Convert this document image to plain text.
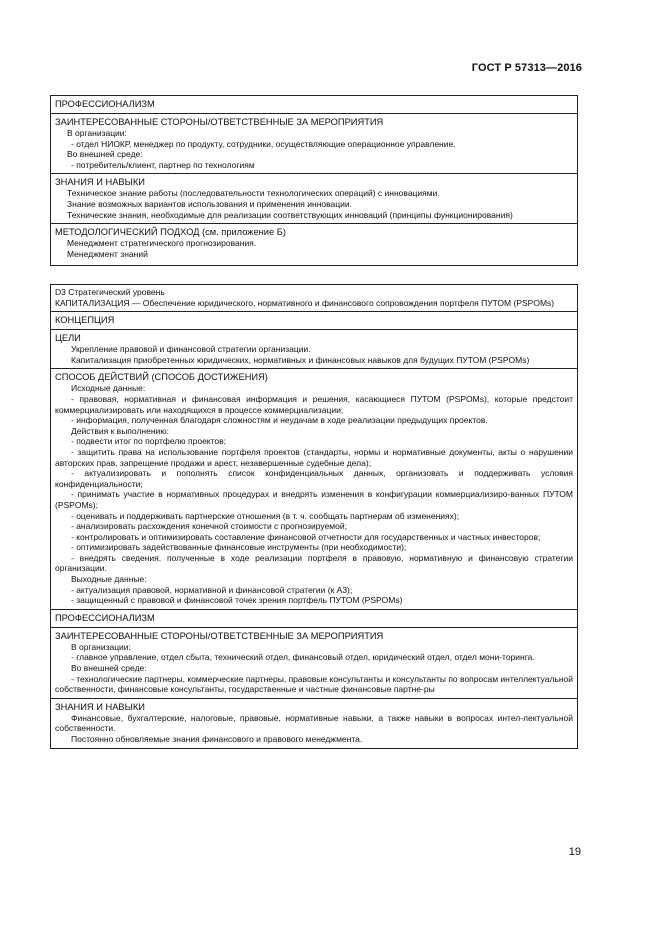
ГОСТ Р 57313—2016
ПРОФЕССИОНАЛИЗМ
ЗАИНТЕРЕСОВАННЫЕ СТОРОНЫ/ОТВЕТСТВЕННЫЕ ЗА МЕРОПРИЯТИЯ
В организации:
- отдел НИОКР, менеджер по продукту, сотрудники, осуществляющие операционное управление.
Во внешней среде:
- потребитель/клиент, партнер по технологиям
ЗНАНИЯ И НАВЫКИ
Техническое знание работы (последовательности технологических операций) с инновациями.
Знание возможных вариантов использования и применения инновации.
Технические знания, необходимые для реализации соответствующих инноваций (принципы функционирования)
МЕТОДОЛОГИЧЕСКИЙ ПОДХОД (см. приложение Б)
Менеджмент стратегического прогнозирования.
Менеджмент знаний
D3 Стратегический уровень
КАПИТАЛИЗАЦИЯ — Обеспечение юридического, нормативного и финансового сопровождения портфеля ПУТОМ (PSPOMs)
КОНЦЕПЦИЯ
ЦЕЛИ
Укрепление правовой и финансовой стратегии организации.
Капитализация приобретенных юридических, нормативных и финансовых навыков для будущих ПУТОМ (PSPOMs)
СПОСОБ ДЕЙСТВИЙ (СПОСОБ ДОСТИЖЕНИЯ)
Исходные данные:
- правовая, нормативная и финансовая информация и решения, касающиеся ПУТОМ (PSPOMs), которые предстоит коммерциализировать или находящихся в процессе коммерциализации;
- информация, полученная благодаря сложностям и неудачам в ходе реализации предыдущих проектов.
Действия к выполнению:
- подвести итог по портфелю проектов;
- защитить права на использование портфеля проектов (стандарты, нормы и нормативные документы, акты о нарушении авторских прав, запрещение продажи и арест, незавершенные судебные дела);
- актуализировать и пополнять список конфиденциальных данных, организовать и поддерживать условия конфиденциальности;
- принимать участие в нормативных процедурах и внедрять изменения в конфигурации коммерциализиро-ванных ПУТОМ (PSPOMs);
- оценивать и поддерживать партнерские отношения (в т. ч. сообщать партнерам об изменениях);
- анализировать расхождения конечной стоимости с прогнозируемой;
- контролировать и оптимизировать составление финансовой отчетности для государственных и частных инвесторов;
- оптимизировать задействованные финансовые инструменты (при необходимости);
- внедрять сведения, полученные в ходе реализации портфеля в правовую, нормативную и финансовую стратегии организации.
Выходные данные:
- актуализация правовой, нормативной и финансовой стратегии (к А3);
- защищенный с правовой и финансовой точек зрения портфель ПУТОМ (PSPOMs)
ПРОФЕССИОНАЛИЗМ
ЗАИНТЕРЕСОВАННЫЕ СТОРОНЫ/ОТВЕТСТВЕННЫЕ ЗА МЕРОПРИЯТИЯ
В организации:
- главное управление, отдел сбыта, технический отдел, финансовый отдел, юридический отдел, отдел мони-торинга.
Во внешней среде:
- технологические партнеры, коммерческие партнеры, правовые консультанты и консультанты по вопросам интеллектуальной собственности, финансовые консультанты, государственные и частные финансовые партне-ры
ЗНАНИЯ И НАВЫКИ
Финансовые, бухгалтерские, налоговые, правовые, нормативные навыки, а также навыки в вопросах интел-лектуальной собственности.
Постоянно обновляемые знания финансового и правового менеджмента.
19
